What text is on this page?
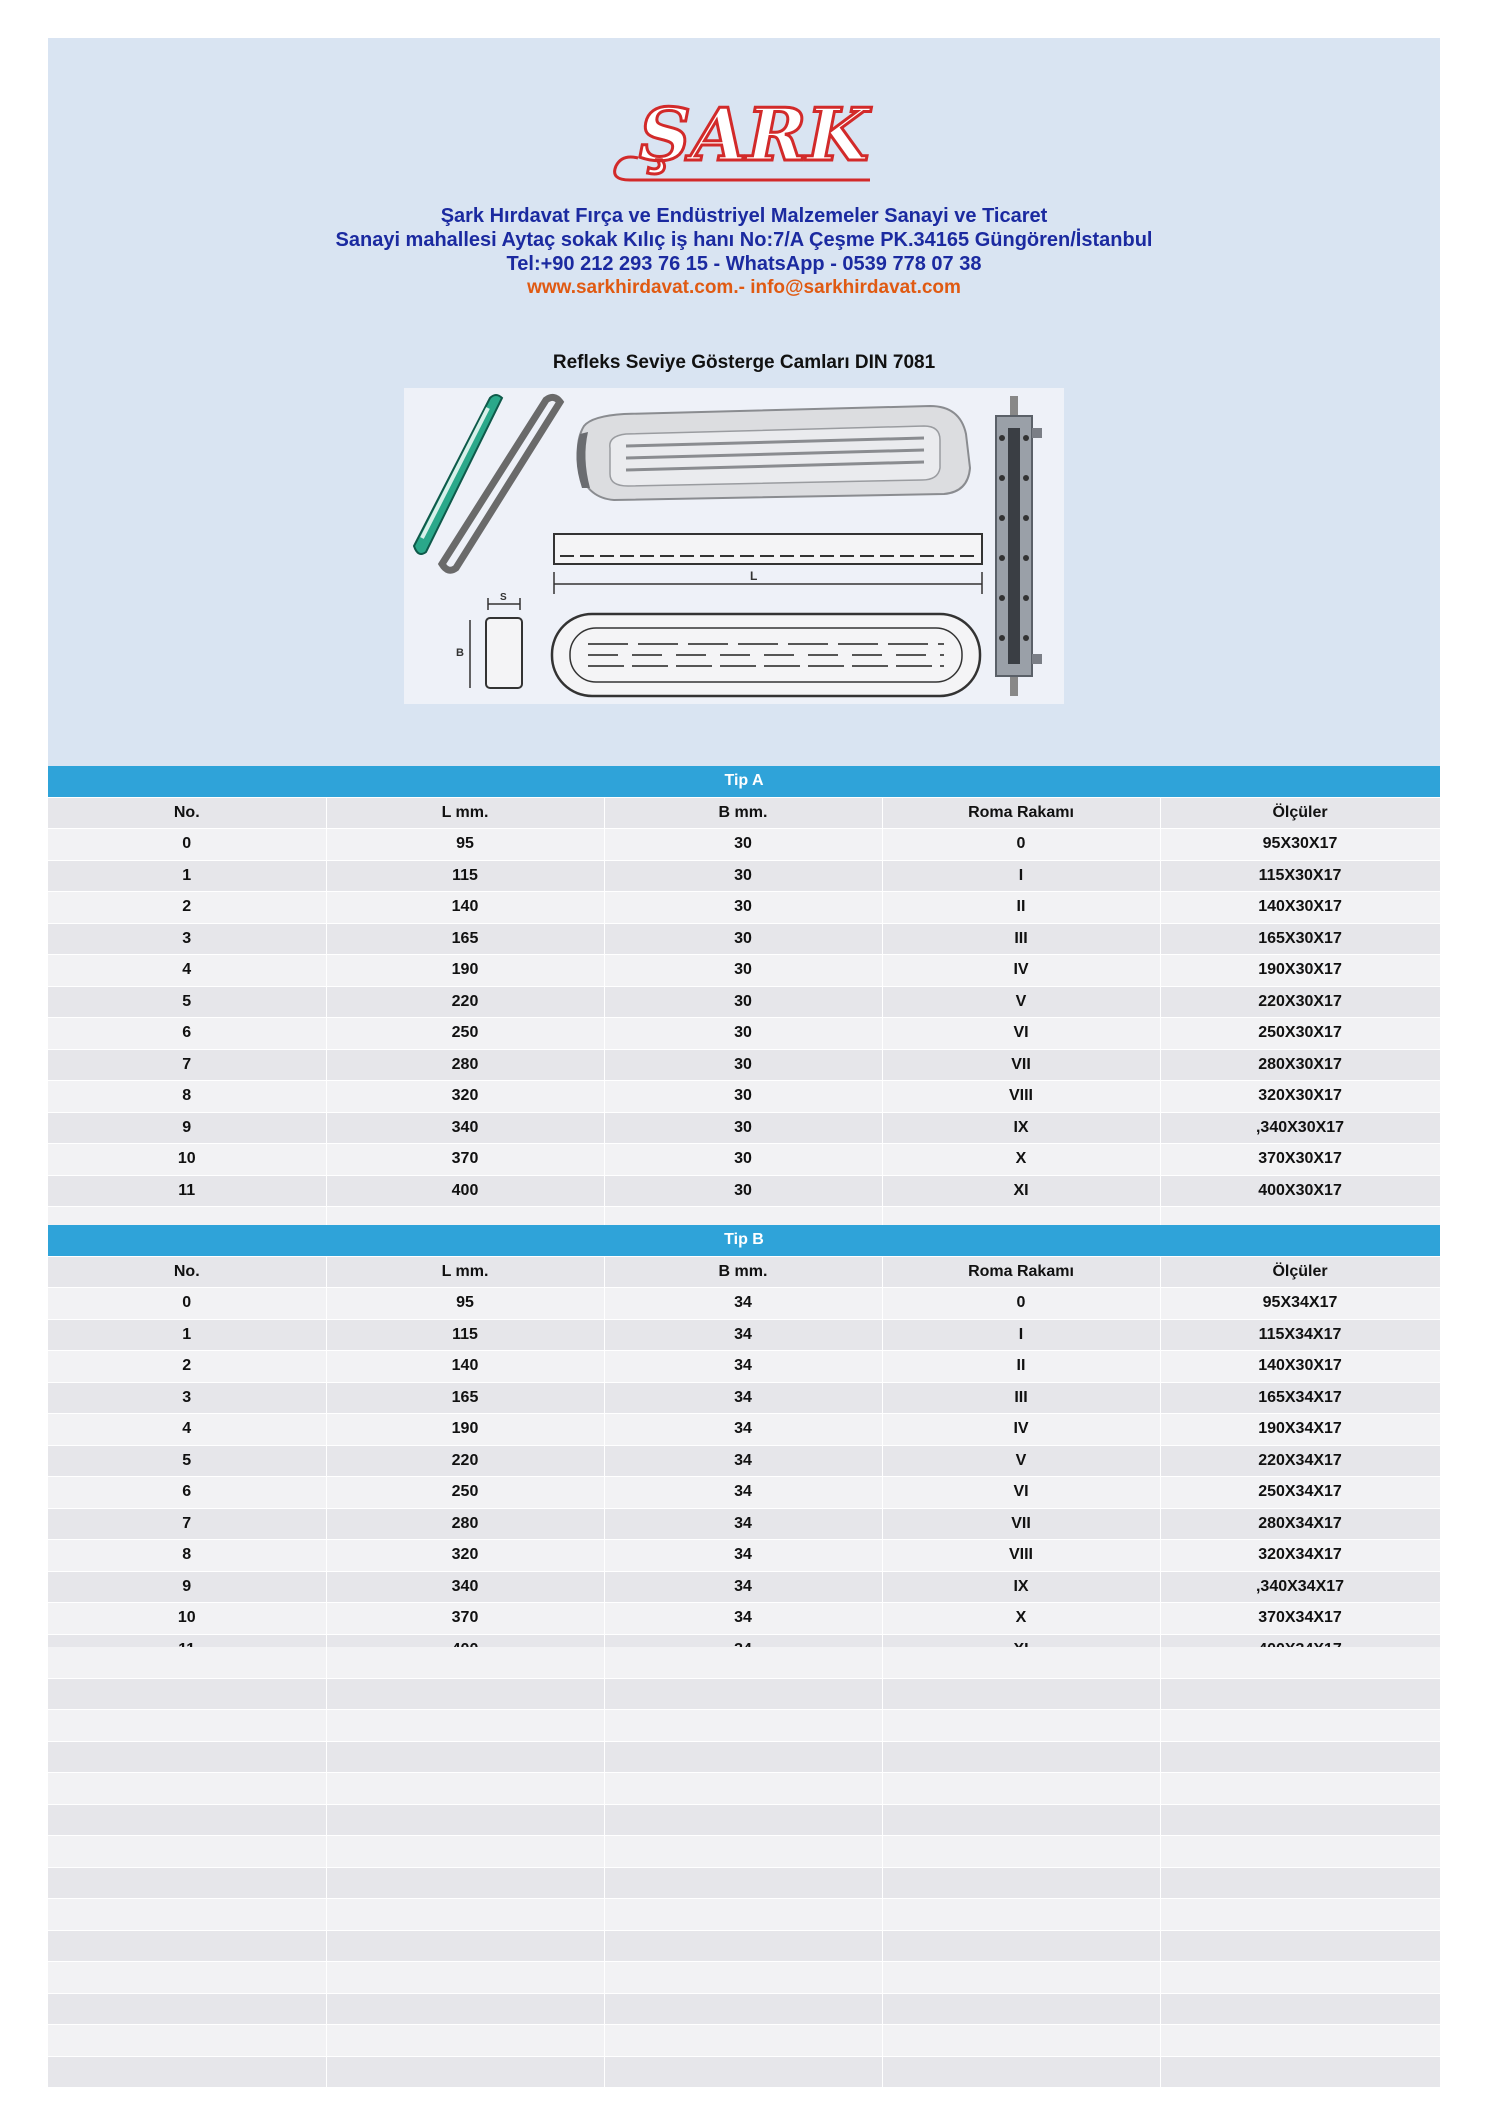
ŞARK
Şark Hırdavat Fırça ve Endüstriyel Malzemeler Sanayi ve Ticaret
Sanayi mahallesi Aytaç sokak Kılıç iş hanı No:7/A Çeşme PK.34165 Güngören/İstanbul
Tel:+90 212 293 76 15 - WhatsApp - 0539 778 07 38
www.sarkhirdavat.com.- info@sarkhirdavat.com
Refleks Seviye Gösterge Camları DIN 7081
L
S
B
Tip A				
No.	L mm.	B mm.	Roma Rakamı	Ölçüler
0	95	30	0	95X30X17
1	115	30	I	115X30X17
2	140	30	II	140X30X17
3	165	30	III	165X30X17
4	190	30	IV	190X30X17
5	220	30	V	220X30X17
6	250	30	VI	250X30X17
7	280	30	VII	280X30X17
8	320	30	VIII	320X30X17
9	340	30	IX	,340X30X17
10	370	30	X	370X30X17
11	400	30	XI	400X30X17

Tip B				
No.	L mm.	B mm.	Roma Rakamı	Ölçüler
0	95	34	0	95X34X17
1	115	34	I	115X34X17
2	140	34	II	140X30X17
3	165	34	III	165X34X17
4	190	34	IV	190X34X17
5	220	34	V	220X34X17
6	250	34	VI	250X34X17
7	280	34	VII	280X34X17
8	320	34	VIII	320X34X17
9	340	34	IX	,340X34X17
10	370	34	X	370X34X17
